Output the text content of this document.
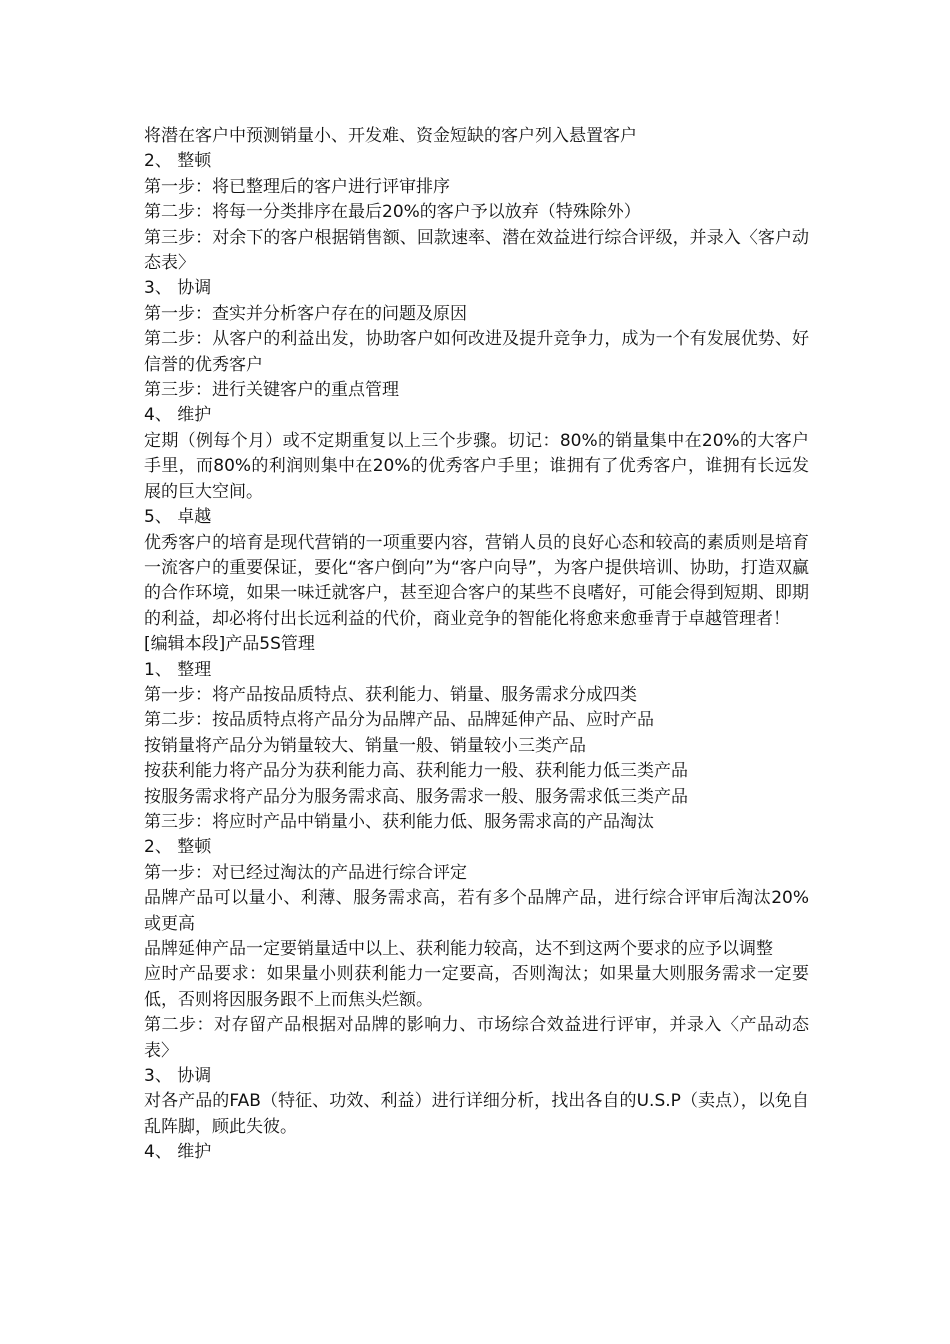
将潜在客户中预测销量小、开发难、资金短缺的客户列入悬置客户

2、 整顿

第一步：将已整理后的客户进行评审排序

第二步：将每一分类排序在最后20%的客户予以放弃（特殊除外）

第三步：对余下的客户根据销售额、回款速率、潜在效益进行综合评级，并录入〈客户动态表〉

3、 协调

第一步：查实并分析客户存在的问题及原因

第二步：从客户的利益出发，协助客户如何改进及提升竞争力，成为一个有发展优势、好信誉的优秀客户

第三步：进行关键客户的重点管理

4、 维护

定期（例每个月）或不定期重复以上三个步骤。切记：80%的销量集中在20%的大客户手里，而80%的利润则集中在20%的优秀客户手里；谁拥有了优秀客户，谁拥有长远发展的巨大空间。

5、 卓越

优秀客户的培育是现代营销的一项重要内容，营销人员的良好心态和较高的素质则是培育一流客户的重要保证，要化“客户倒向”为“客户向导”，为客户提供培训、协助，打造双赢的合作环境，如果一味迁就客户，甚至迎合客户的某些不良嗜好，可能会得到短期、即期的利益，却必将付出长远利益的代价，商业竞争的智能化将愈来愈垂青于卓越管理者！

[编辑本段]产品5S管理

1、 整理

第一步：将产品按品质特点、获利能力、销量、服务需求分成四类

第二步：按品质特点将产品分为品牌产品、品牌延伸产品、应时产品

按销量将产品分为销量较大、销量一般、销量较小三类产品

按获利能力将产品分为获利能力高、获利能力一般、获利能力低三类产品

按服务需求将产品分为服务需求高、服务需求一般、服务需求低三类产品

第三步：将应时产品中销量小、获利能力低、服务需求高的产品淘汰

2、 整顿

第一步：对已经过淘汰的产品进行综合评定

品牌产品可以量小、利薄、服务需求高，若有多个品牌产品，进行综合评审后淘汰20%或更高

品牌延伸产品一定要销量适中以上、获利能力较高，达不到这两个要求的应予以调整

应时产品要求：如果量小则获利能力一定要高，否则淘汰；如果量大则服务需求一定要低，否则将因服务跟不上而焦头烂额。

第二步：对存留产品根据对品牌的影响力、市场综合效益进行评审，并录入〈产品动态表〉

3、 协调

对各产品的FAB（特征、功效、利益）进行详细分析，找出各自的U.S.P（卖点），以免自乱阵脚，顾此失彼。

4、 维护
